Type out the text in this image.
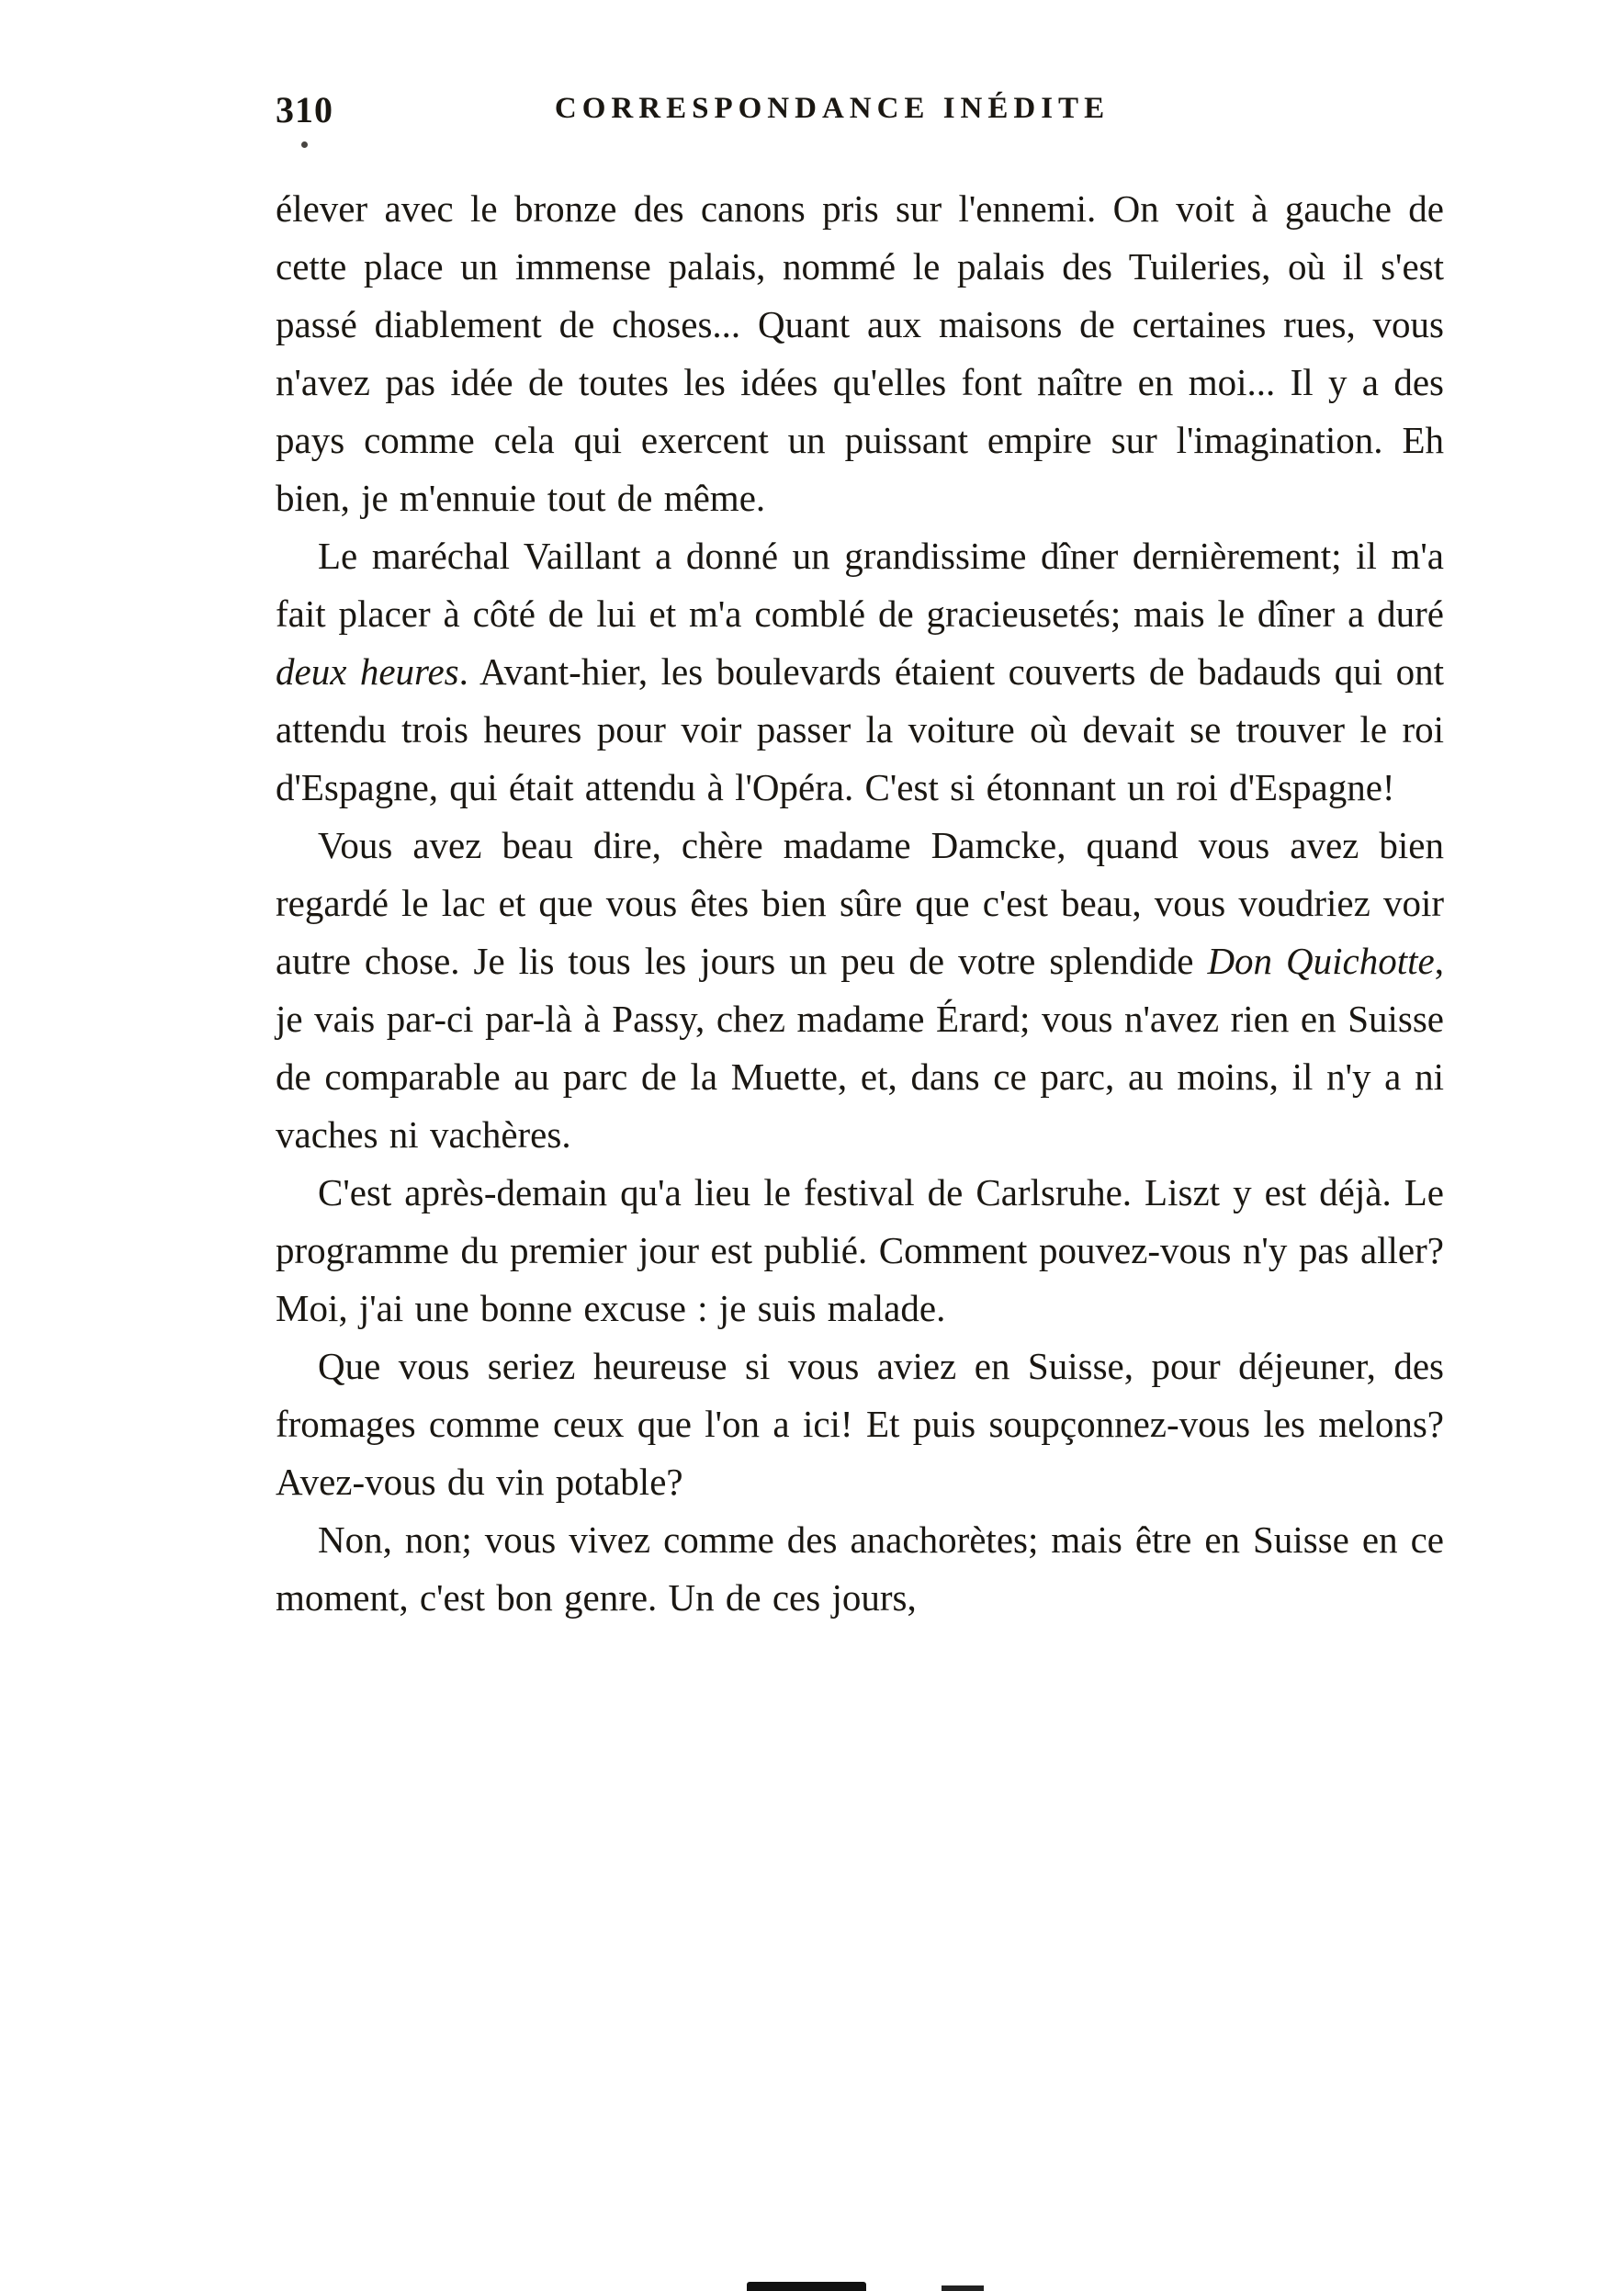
310	CORRESPONDANCE INÉDITE

élever avec le bronze des canons pris sur l'ennemi. On voit à gauche de cette place un immense palais, nommé le palais des Tuileries, où il s'est passé diablement de choses... Quant aux maisons de certaines rues, vous n'avez pas idée de toutes les idées qu'elles font naître en moi... Il y a des pays comme cela qui exercent un puissant empire sur l'imagination. Eh bien, je m'ennuie tout de même.

Le maréchal Vaillant a donné un grandissime dîner dernièrement; il m'a fait placer à côté de lui et m'a comblé de gracieusetés; mais le dîner a duré deux heures. Avant-hier, les boulevards étaient couverts de badauds qui ont attendu trois heures pour voir passer la voiture où devait se trouver le roi d'Espagne, qui était attendu à l'Opéra. C'est si étonnant un roi d'Espagne!

Vous avez beau dire, chère madame Damcke, quand vous avez bien regardé le lac et que vous êtes bien sûre que c'est beau, vous voudriez voir autre chose. Je lis tous les jours un peu de votre splendide Don Quichotte, je vais par-ci par-là à Passy, chez madame Érard; vous n'avez rien en Suisse de comparable au parc de la Muette, et, dans ce parc, au moins, il n'y a ni vaches ni vachères.

C'est après-demain qu'a lieu le festival de Carlsruhe. Liszt y est déjà. Le programme du premier jour est publié. Comment pouvez-vous n'y pas aller? Moi, j'ai une bonne excuse : je suis malade.

Que vous seriez heureuse si vous aviez en Suisse, pour déjeuner, des fromages comme ceux que l'on a ici! Et puis soupçonnez-vous les melons? Avez-vous du vin potable?

Non, non; vous vivez comme des anachorètes; mais être en Suisse en ce moment, c'est bon genre. Un de ces jours,
